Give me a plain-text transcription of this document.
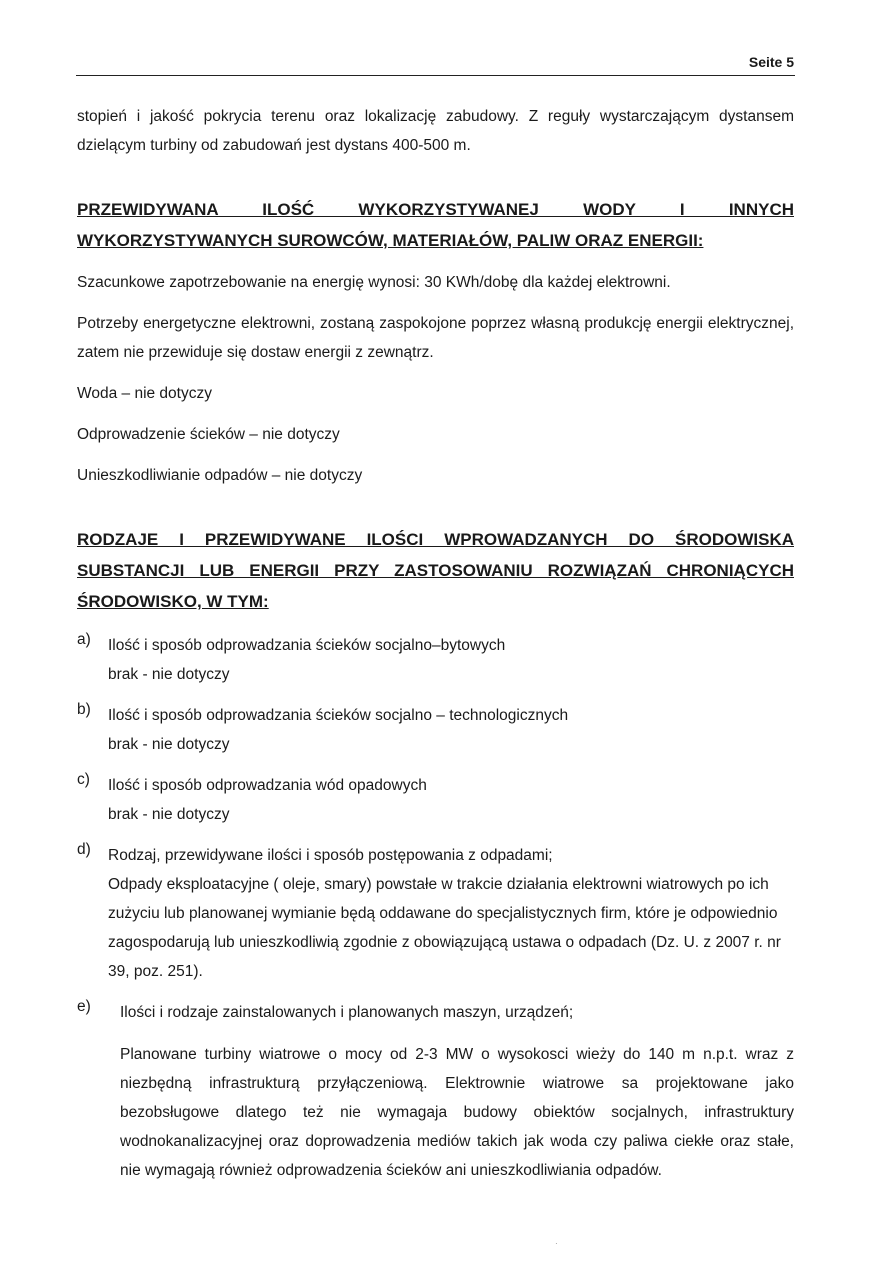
Seite 5

stopień i jakość pokrycia terenu oraz lokalizację zabudowy. Z reguły wystarczającym dystansem dzielącym turbiny od zabudowań jest dystans 400-500 m.

PRZEWIDYWANA ILOŚĆ WYKORZYSTYWANEJ WODY I INNYCH
WYKORZYSTYWANYCH SUROWCÓW, MATERIAŁÓW, PALIW ORAZ ENERGII:

Szacunkowe zapotrzebowanie na energię wynosi: 30 KWh/dobę dla każdej elektrowni.

Potrzeby energetyczne elektrowni, zostaną zaspokojone poprzez własną produkcję energii elektrycznej, zatem nie przewiduje się dostaw energii z zewnątrz.

Woda – nie dotyczy

Odprowadzenie ścieków – nie dotyczy

Unieszkodliwianie odpadów – nie dotyczy

RODZAJE I PRZEWIDYWANE ILOŚCI WPROWADZANYCH DO ŚRODOWISKA
SUBSTANCJI LUB ENERGII PRZY ZASTOSOWANIU ROZWIĄZAŃ CHRONIĄCYCH
ŚRODOWISKO, W TYM:
a) Ilość i sposób odprowadzania ścieków socjalno–bytowych

brak - nie dotyczy

b) Ilość i sposób odprowadzania ścieków socjalno – technologicznych

brak - nie dotyczy

c) Ilość i sposób odprowadzania wód opadowych

brak - nie dotyczy

d) Rodzaj, przewidywane ilości i sposób postępowania z odpadami;

Odpady eksploatacyjne ( oleje, smary) powstałe w trakcie działania elektrowni wiatrowych po ich zużyciu lub planowanej wymianie będą oddawane do specjalistycznych firm, które je odpowiednio zagospodarują lub unieszkodliwią zgodnie z obowiązującą ustawa o odpadach (Dz. U. z 2007 r. nr 39, poz. 251).

e) Ilości i rodzaje zainstalowanych i planowanych maszyn, urządzeń;

Planowane turbiny wiatrowe o mocy od 2-3 MW o wysokosci wieży do 140 m n.p.t. wraz z niezbędną infrastrukturą przyłączeniową. Elektrownie wiatrowe sa projektowane jako bezobsługowe dlatego też nie wymagaja budowy obiektów socjalnych, infrastruktury wodnokanalizacyjnej oraz doprowadzenia mediów takich jak woda czy paliwa ciekłe oraz stałe, nie wymagają również odprowadzenia ścieków ani unieszkodliwiania odpadów.

·
